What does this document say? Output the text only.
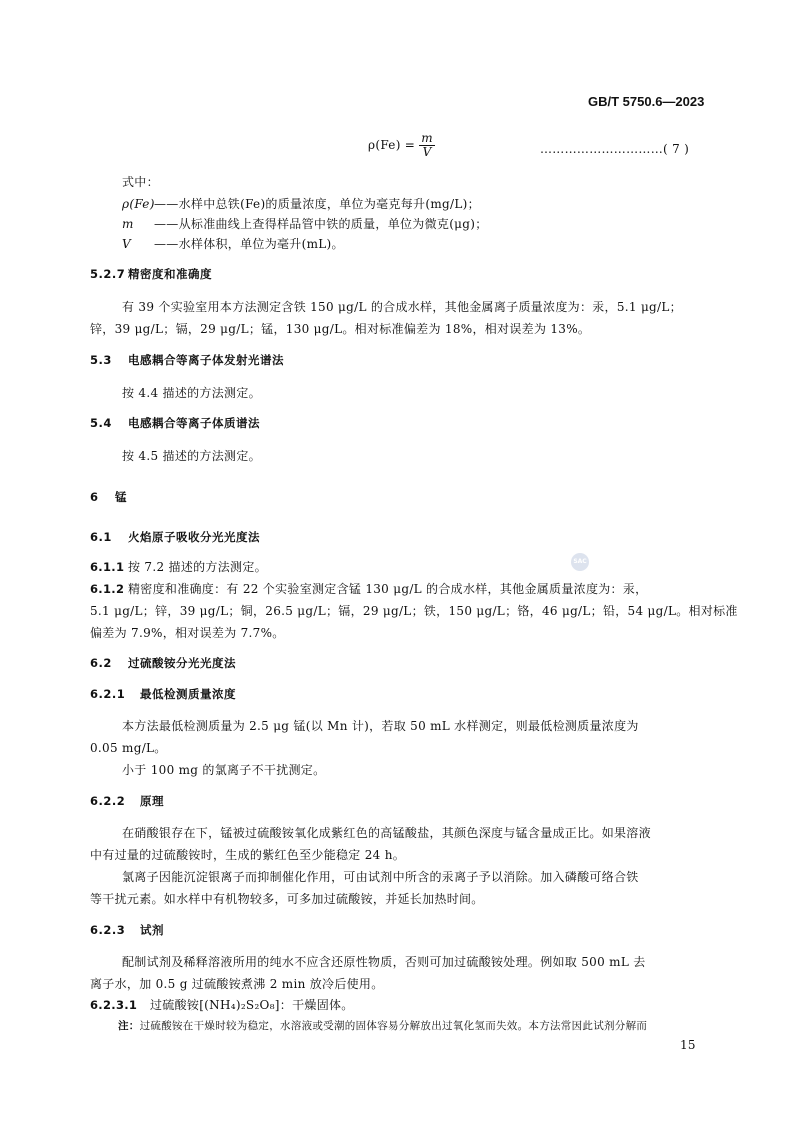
GB/T 5750.6—2023
$\rho(Fe) = \frac{m}{V}$	…………………………( 7 )
式中：
ρ(Fe)——水样中总铁(Fe)的质量浓度，单位为毫克每升(mg/L)；
m ——从标准曲线上查得样品管中铁的质量，单位为微克(μg)；
V ——水样体积，单位为毫升(mL)。
5.2.7 精密度和准确度
有 39 个实验室用本方法测定含铁 150 μg/L 的合成水样，其他金属离子质量浓度为：汞，5.1 μg/L；
锌，39 μg/L；镉，29 μg/L；锰，130 μg/L。相对标准偏差为 18%，相对误差为 13%。
5.3 电感耦合等离子体发射光谱法
按 4.4 描述的方法测定。
5.4 电感耦合等离子体质谱法
按 4.5 描述的方法测定。
6 锰
6.1 火焰原子吸收分光光度法
SAC
6.1.1 按 7.2 描述的方法测定。
6.1.2 精密度和准确度：有 22 个实验室测定含锰 130 μg/L 的合成水样，其他金属质量浓度为：汞，
5.1 μg/L；锌，39 μg/L；铜，26.5 μg/L；镉，29 μg/L；铁，150 μg/L；铬，46 μg/L；铅，54 μg/L。相对标准
偏差为 7.9%，相对误差为 7.7%。
6.2 过硫酸铵分光光度法
6.2.1 最低检测质量浓度
本方法最低检测质量为 2.5 μg 锰(以 Mn 计)，若取 50 mL 水样测定，则最低检测质量浓度为
0.05 mg/L。
小于 100 mg 的氯离子不干扰测定。
6.2.2 原理
在硝酸银存在下，锰被过硫酸铵氧化成紫红色的高锰酸盐，其颜色深度与锰含量成正比。如果溶液
中有过量的过硫酸铵时，生成的紫红色至少能稳定 24 h。
氯离子因能沉淀银离子而抑制催化作用，可由试剂中所含的汞离子予以消除。加入磷酸可络合铁
等干扰元素。如水样中有机物较多，可多加过硫酸铵，并延长加热时间。
6.2.3 试剂
配制试剂及稀释溶液所用的纯水不应含还原性物质，否则可加过硫酸铵处理。例如取 500 mL 去
离子水，加 0.5 g 过硫酸铵煮沸 2 min 放冷后使用。
6.2.3.1 过硫酸铵[(NH₄)₂S₂O₈]：干燥固体。
注：过硫酸铵在干燥时较为稳定，水溶液或受潮的固体容易分解放出过氧化氢而失效。本方法常因此试剂分解而
15
